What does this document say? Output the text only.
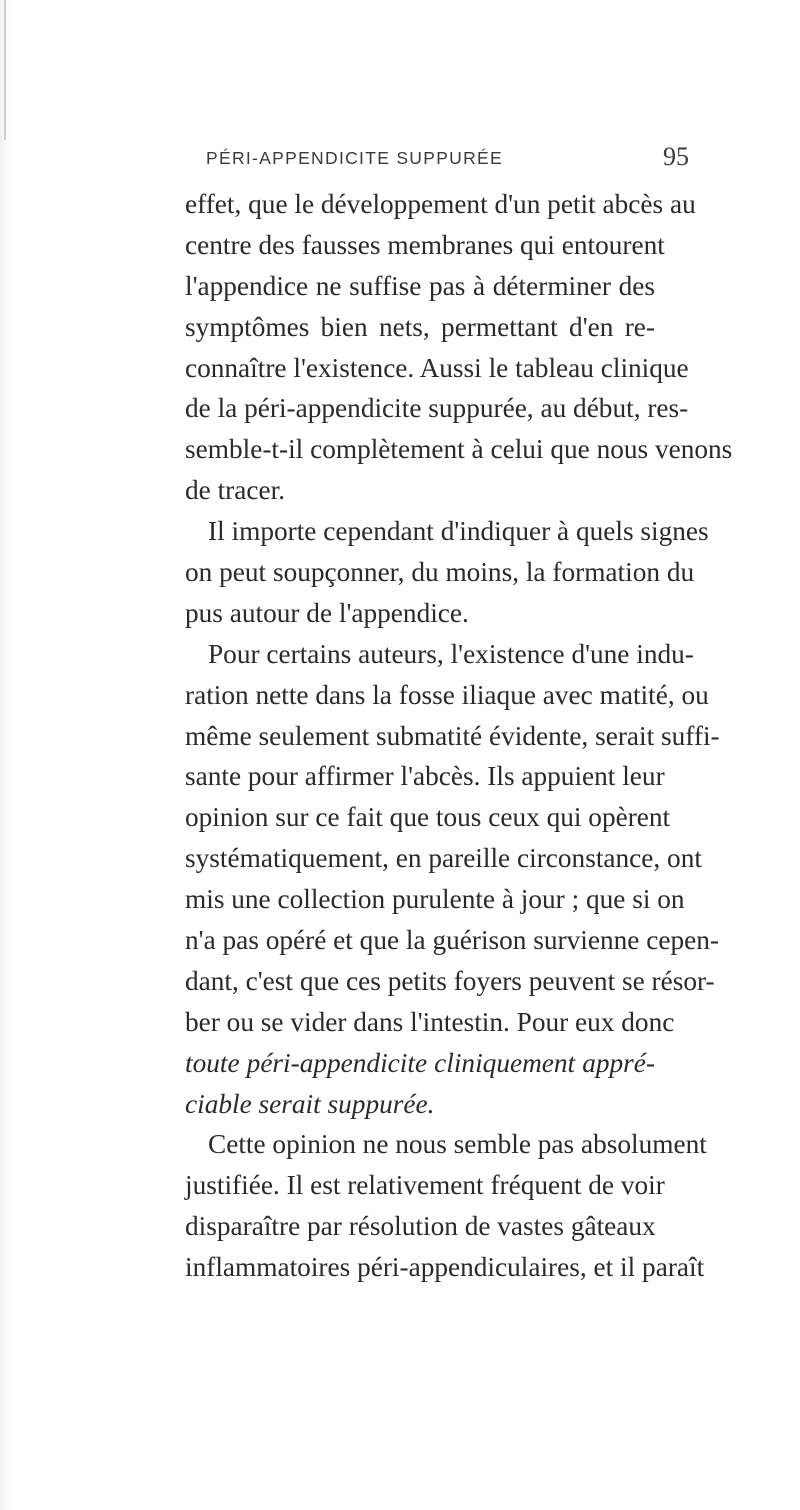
PÉRI-APPENDICITE SUPPURÉE	95
effet, que le développement d'un petit abcès au
centre des fausses membranes qui entourent
l'appendice ne suffise pas à déterminer des
symptômes bien nets, permettant d'en re-
connaître l'existence. Aussi le tableau clinique
de la péri-appendicite suppurée, au début, res-
semble-t-il complètement à celui que nous venons
de tracer.
Il importe cependant d'indiquer à quels signes
on peut soupçonner, du moins, la formation du
pus autour de l'appendice.
Pour certains auteurs, l'existence d'une indu-
ration nette dans la fosse iliaque avec matité, ou
même seulement submatité évidente, serait suffi-
sante pour affirmer l'abcès. Ils appuient leur
opinion sur ce fait que tous ceux qui opèrent
systématiquement, en pareille circonstance, ont
mis une collection purulente à jour ; que si on
n'a pas opéré et que la guérison survienne cepen-
dant, c'est que ces petits foyers peuvent se résor-
ber ou se vider dans l'intestin. Pour eux donc
toute péri-appendicite cliniquement appré-
ciable serait suppurée.
Cette opinion ne nous semble pas absolument
justifiée. Il est relativement fréquent de voir
disparaître par résolution de vastes gâteaux
inflammatoires péri-appendiculaires, et il paraît
